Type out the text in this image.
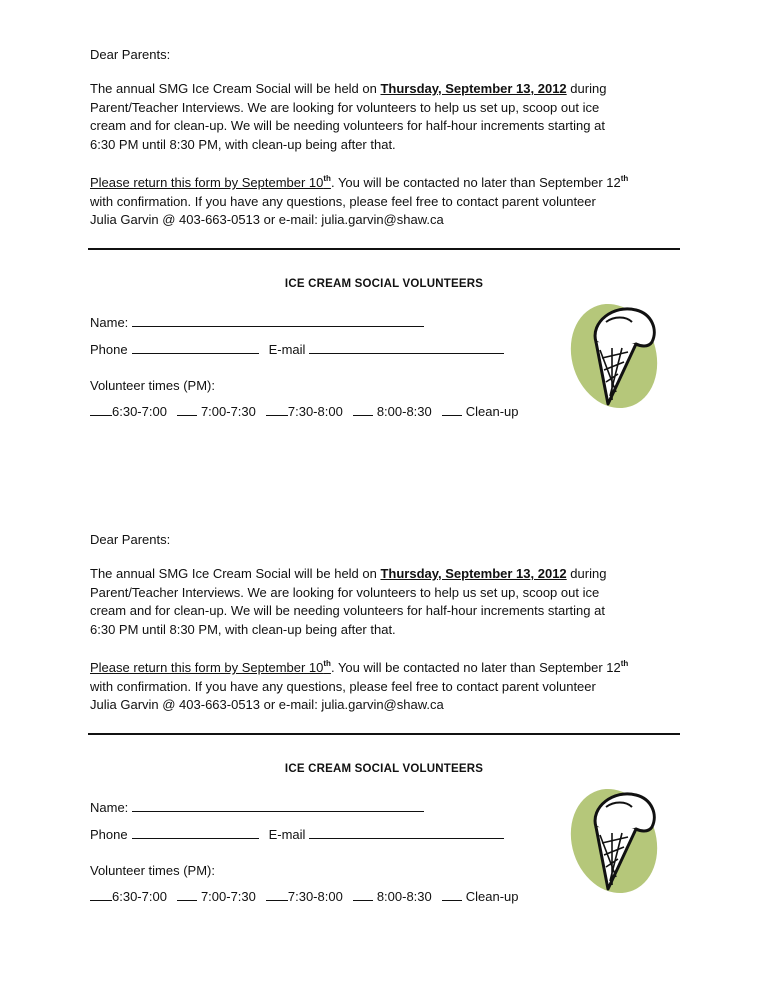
Dear Parents:
The annual SMG Ice Cream Social will be held on Thursday, September 13, 2012 during
Parent/Teacher Interviews. We are looking for volunteers to help us set up, scoop out ice
cream and for clean-up. We will be needing volunteers for half-hour increments starting at
6:30 PM until 8:30 PM, with clean-up being after that.
Please return this form by September 10th. You will be contacted no later than September 12th
with confirmation. If you have any questions, please feel free to contact parent volunteer
Julia Garvin @ 403-663-0513 or e-mail: julia.garvin@shaw.ca
ICE CREAM SOCIAL VOLUNTEERS
Name:
Phone	E-mail
Volunteer times (PM):
6:30-7:00	7:00-7:30 7:30-8:00	8:00-8:30	Clean-up
Dear Parents:
The annual SMG Ice Cream Social will be held on Thursday, September 13, 2012 during
Parent/Teacher Interviews. We are looking for volunteers to help us set up, scoop out ice
cream and for clean-up. We will be needing volunteers for half-hour increments starting at
6:30 PM until 8:30 PM, with clean-up being after that.
Please return this form by September 10th. You will be contacted no later than September 12th
with confirmation. If you have any questions, please feel free to contact parent volunteer
Julia Garvin @ 403-663-0513 or e-mail: julia.garvin@shaw.ca
ICE CREAM SOCIAL VOLUNTEERS
Name:
Phone	E-mail
Volunteer times (PM):
6:30-7:00	7:00-7:30 7:30-8:00	8:00-8:30	Clean-up
